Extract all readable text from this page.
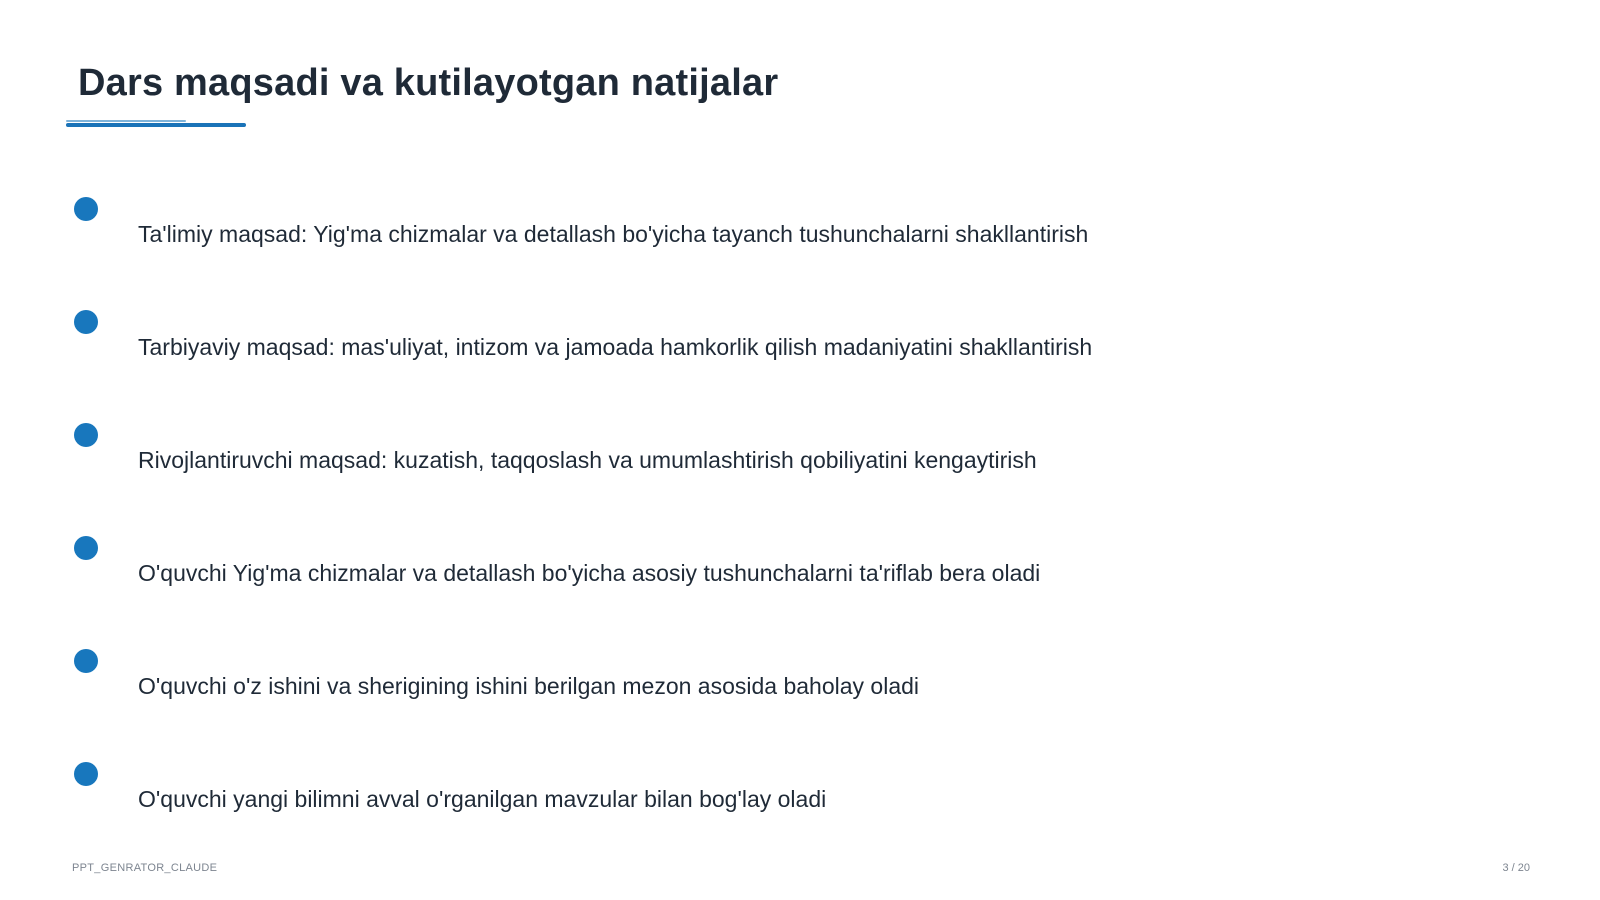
Dars maqsadi va kutilayotgan natijalar
Ta'limiy maqsad: Yig'ma chizmalar va detallash bo'yicha tayanch tushunchalarni shakllantirish
Tarbiyaviy maqsad: mas'uliyat, intizom va jamoada hamkorlik qilish madaniyatini shakllantirish
Rivojlantiruvchi maqsad: kuzatish, taqqoslash va umumlashtirish qobiliyatini kengaytirish
O'quvchi Yig'ma chizmalar va detallash bo'yicha asosiy tushunchalarni ta'riflab bera oladi
O'quvchi o'z ishini va sherigining ishini berilgan mezon asosida baholay oladi
O'quvchi yangi bilimni avval o'rganilgan mavzular bilan bog'lay oladi
PPT_GENRATOR_CLAUDE	3 / 20
